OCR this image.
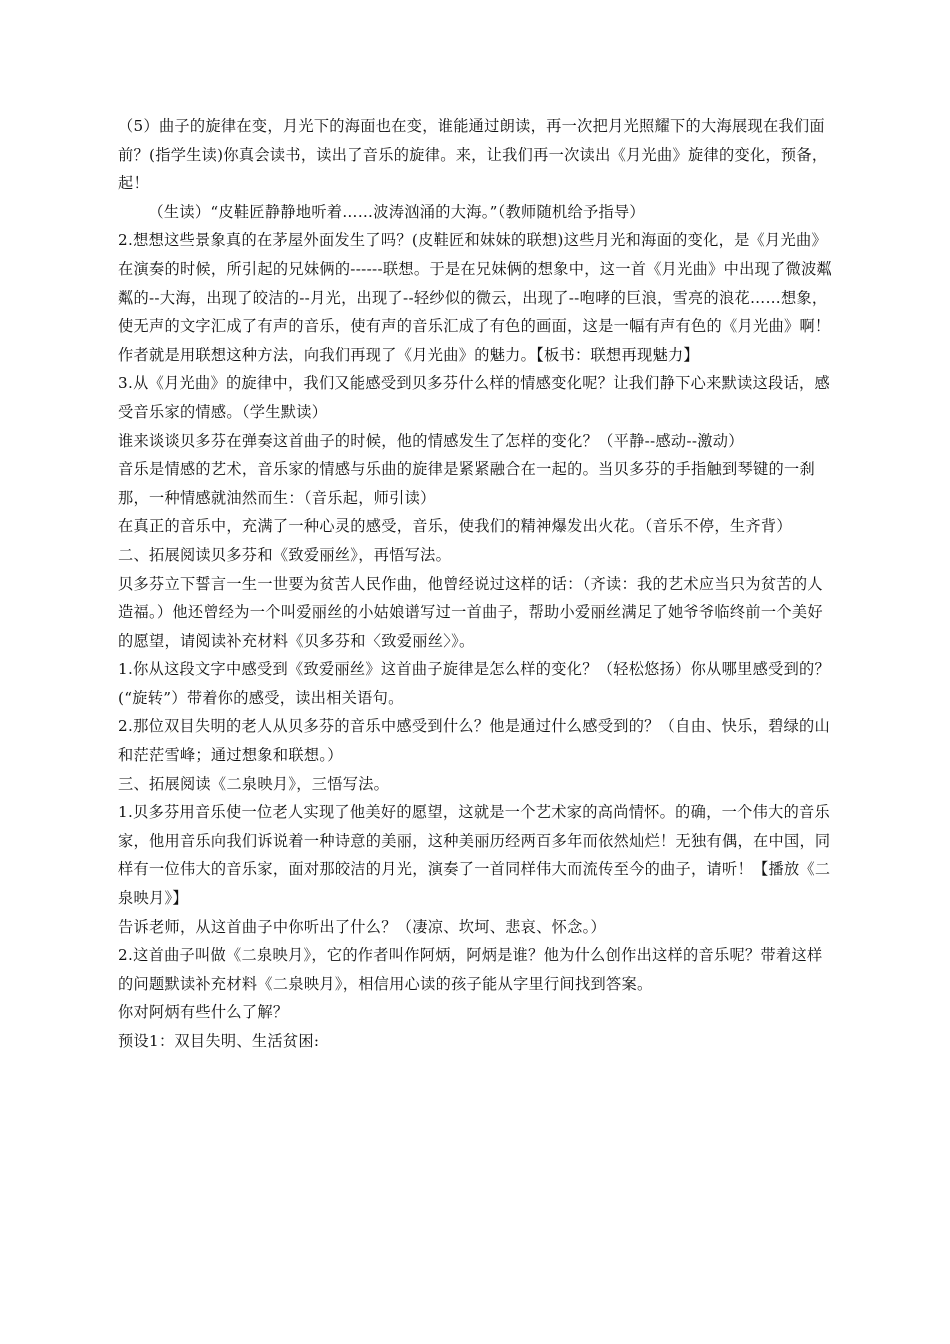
（5）曲子的旋律在变，月光下的海面也在变，谁能通过朗读，再一次把月光照耀下的大海展现在我们面前？(指学生读)你真会读书，读出了音乐的旋律。来，让我们再一次读出《月光曲》旋律的变化，预备，起！

（生读）“皮鞋匠静静地听着……波涛汹涌的大海。”（教师随机给予指导）

2.想想这些景象真的在茅屋外面发生了吗？(皮鞋匠和妹妹的联想)这些月光和海面的变化，是《月光曲》在演奏的时候，所引起的兄妹俩的------联想。于是在兄妹俩的想象中，这一首《月光曲》中出现了微波粼粼的--大海，出现了皎洁的--月光，出现了--轻纱似的微云，出现了--咆哮的巨浪，雪亮的浪花……想象，使无声的文字汇成了有声的音乐，使有声的音乐汇成了有色的画面，这是一幅有声有色的《月光曲》啊！作者就是用联想这种方法，向我们再现了《月光曲》的魅力。【板书：联想再现魅力】

3.从《月光曲》的旋律中，我们又能感受到贝多芬什么样的情感变化呢？让我们静下心来默读这段话，感受音乐家的情感。（学生默读）

谁来谈谈贝多芬在弹奏这首曲子的时候，他的情感发生了怎样的变化？（平静--感动--激动）

音乐是情感的艺术，音乐家的情感与乐曲的旋律是紧紧融合在一起的。当贝多芬的手指触到琴键的一刹那，一种情感就油然而生：（音乐起，师引读）

在真正的音乐中，充满了一种心灵的感受，音乐，使我们的精神爆发出火花。（音乐不停，生齐背）

二、拓展阅读贝多芬和《致爱丽丝》，再悟写法。

贝多芬立下誓言一生一世要为贫苦人民作曲，他曾经说过这样的话：（齐读：我的艺术应当只为贫苦的人造福。）他还曾经为一个叫爱丽丝的小姑娘谱写过一首曲子，帮助小爱丽丝满足了她爷爷临终前一个美好的愿望，请阅读补充材料《贝多芬和〈致爱丽丝〉》。

1.你从这段文字中感受到《致爱丽丝》这首曲子旋律是怎么样的变化？（轻松悠扬）你从哪里感受到的？(“旋转”）带着你的感受，读出相关语句。

2.那位双目失明的老人从贝多芬的音乐中感受到什么？他是通过什么感受到的？（自由、快乐，碧绿的山和茫茫雪峰；通过想象和联想。）

三、拓展阅读《二泉映月》，三悟写法。

1.贝多芬用音乐使一位老人实现了他美好的愿望，这就是一个艺术家的高尚情怀。的确，一个伟大的音乐家，他用音乐向我们诉说着一种诗意的美丽，这种美丽历经两百多年而依然灿烂！无独有偶，在中国，同样有一位伟大的音乐家，面对那皎洁的月光，演奏了一首同样伟大而流传至今的曲子，请听！【播放《二泉映月》】

告诉老师，从这首曲子中你听出了什么？（凄凉、坎坷、悲哀、怀念。）

2.这首曲子叫做《二泉映月》，它的作者叫作阿炳，阿炳是谁？他为什么创作出这样的音乐呢？带着这样的问题默读补充材料《二泉映月》，相信用心读的孩子能从字里行间找到答案。

你对阿炳有些什么了解？

预设1：双目失明、生活贫困:
